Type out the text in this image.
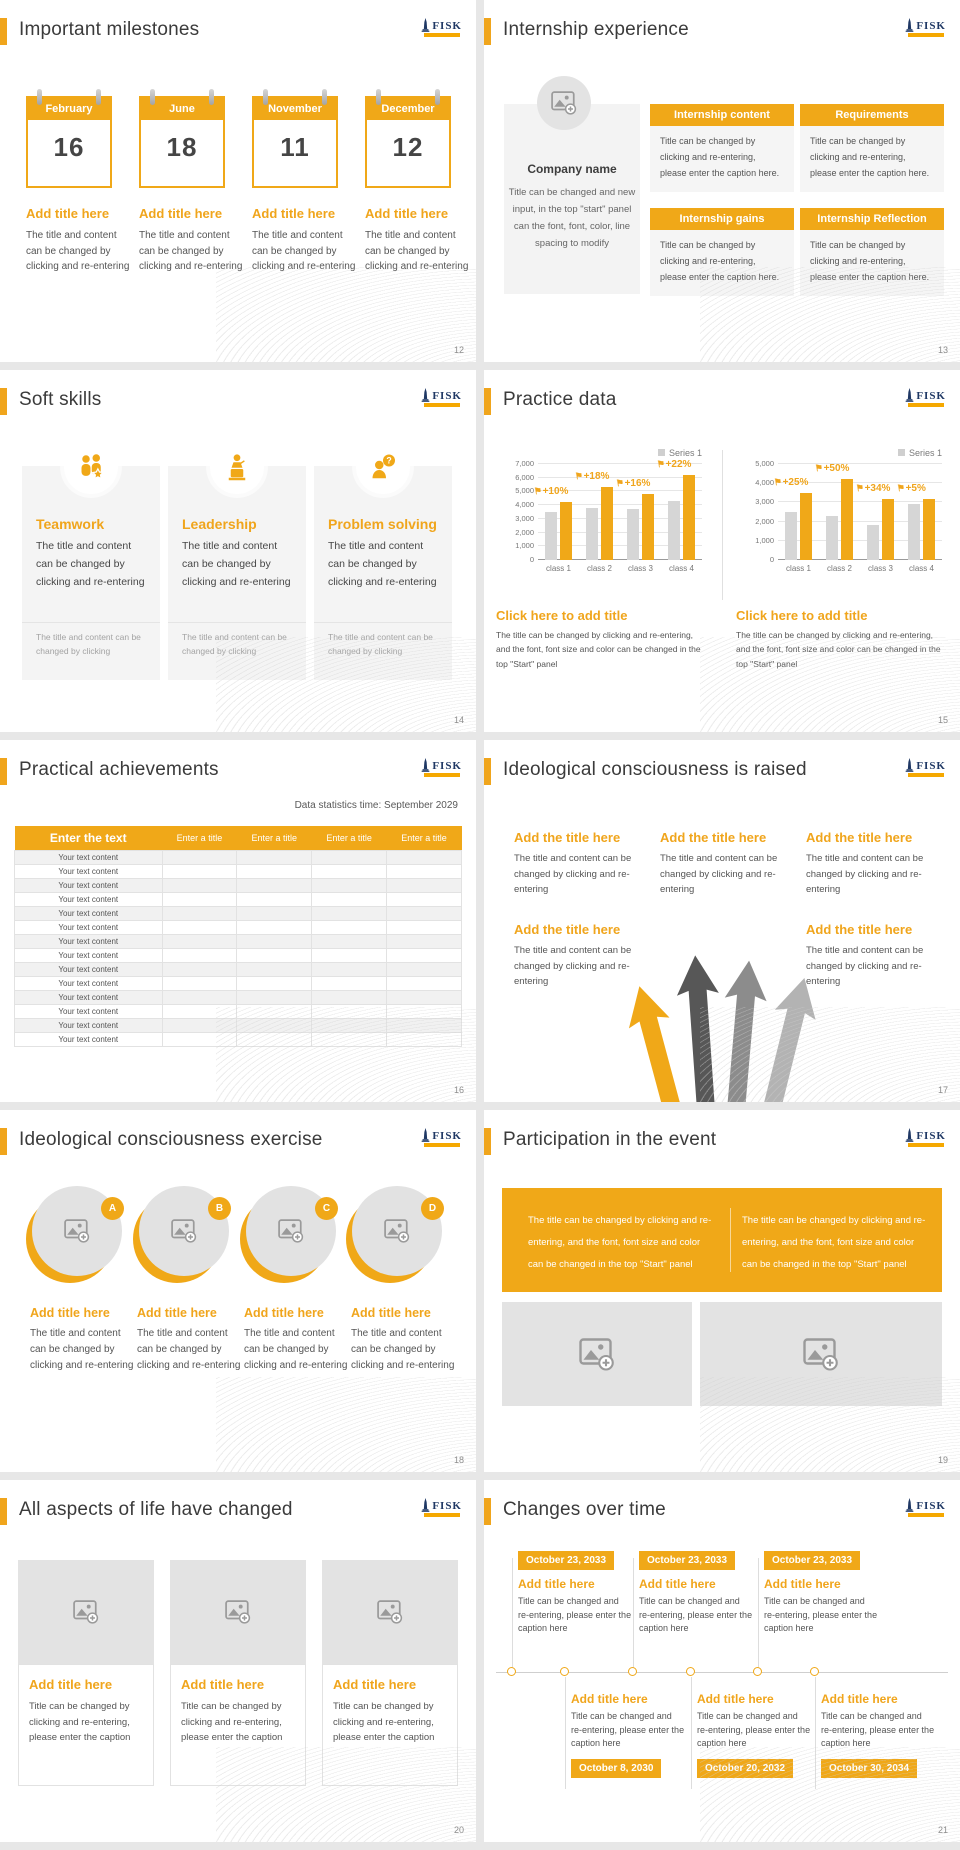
Important milestones	FISK
February
16
June
18
November
11
December
12
Add title here	Add title here	Add title here	Add title here
The title and content can be changed by clicking and re-entering
The title and content can be changed by clicking and re-entering
The title and content can be changed by clicking and re-entering
The title and content can be changed by clicking and re-entering
12
Internship experience	FISK
Company name
Title can be changed and new input, in the top "start" panel can the font, font, color, line spacing to modify
Internship content
Title can be changed by clicking and re-entering, please enter the caption here.
Requirements
Title can be changed by clicking and re-entering, please enter the caption here.
Internship gains
Title can be changed by clicking and re-entering, please enter the caption here.
Internship Reflection
Title can be changed by clicking and re-entering, please enter the caption here.
13
Soft skills	FISK
?
Teamwork	Leadership	Problem solving
The title and content can be changed by clicking and re-entering
The title and content can be changed by clicking and re-entering
The title and content can be changed by clicking and re-entering
The title and content can be changed by clicking
The title and content can be changed by clicking
The title and content can be changed by clicking
14
Practice data	FISK
Series 1
0
1,000
2,000
3,000
4,000
5,000
6,000
7,000
⚑+10%
⚑+18%
⚑+16%
⚑+22%
class 1 class 2 class 3 class 4
Series 1
0
1,000
2,000
3,000
4,000
5,000
⚑+25%
⚑+50%
⚑+34% ⚑+5%
class 1 class 2 class 3 class 4
Click here to add title	Click here to add title
The title can be changed by clicking and re-entering, and the font, font size and color can be changed in the top "Start" panel
The title can be changed by clicking and re-entering, and the font, font size and color can be changed in the top "Start" panel
15
Practical achievements	FISK
Data statistics time: September 2029
Enter the text	Enter a title	Enter a title	Enter a title	Enter a title
Your text content				
Your text content				
Your text content				
Your text content				
Your text content				
Your text content				
Your text content				
Your text content				
Your text content				
Your text content				
Your text content				
Your text content				
Your text content				
Your text content				
16
Ideological consciousness is raised	FISK
Add the title here
The title and content can be changed by clicking and re-entering
Add the title here
The title and content can be changed by clicking and re-entering
Add the title here
The title and content can be changed by clicking and re-entering
Add the title here
The title and content can be changed by clicking and re-entering
Add the title here
The title and content can be changed by clicking and re-entering
17
Ideological consciousness exercise	FISK
A	B	C	D
Add title here	Add title here	Add title here	Add title here
The title and content can be changed by clicking and re-entering
The title and content can be changed by clicking and re-entering
The title and content can be changed by clicking and re-entering
The title and content can be changed by clicking and re-entering
18
Participation in the event	FISK
The title can be changed by clicking and re-entering, and the font, font size and color can be changed in the top "Start" panel
The title can be changed by clicking and re-entering, and the font, font size and color can be changed in the top "Start" panel
19
All aspects of life have changed	FISK
Add title here
Title can be changed by clicking and re-entering, please enter the caption
Add title here
Title can be changed by clicking and re-entering, please enter the caption
Add title here
Title can be changed by clicking and re-entering, please enter the caption
20
Changes over time	FISK
October 23, 2033
Add title here
Title can be changed and re-entering, please enter the caption here
October 23, 2033
Add title here
Title can be changed and re-entering, please enter the caption here
October 23, 2033
Add title here
Title can be changed and re-entering, please enter the caption here
Add title here
Title can be changed and re-entering, please enter the caption here
October 8, 2030
Add title here
Title can be changed and re-entering, please enter the caption here
October 20, 2032
Add title here
Title can be changed and re-entering, please enter the caption here
October 30, 2034
21
